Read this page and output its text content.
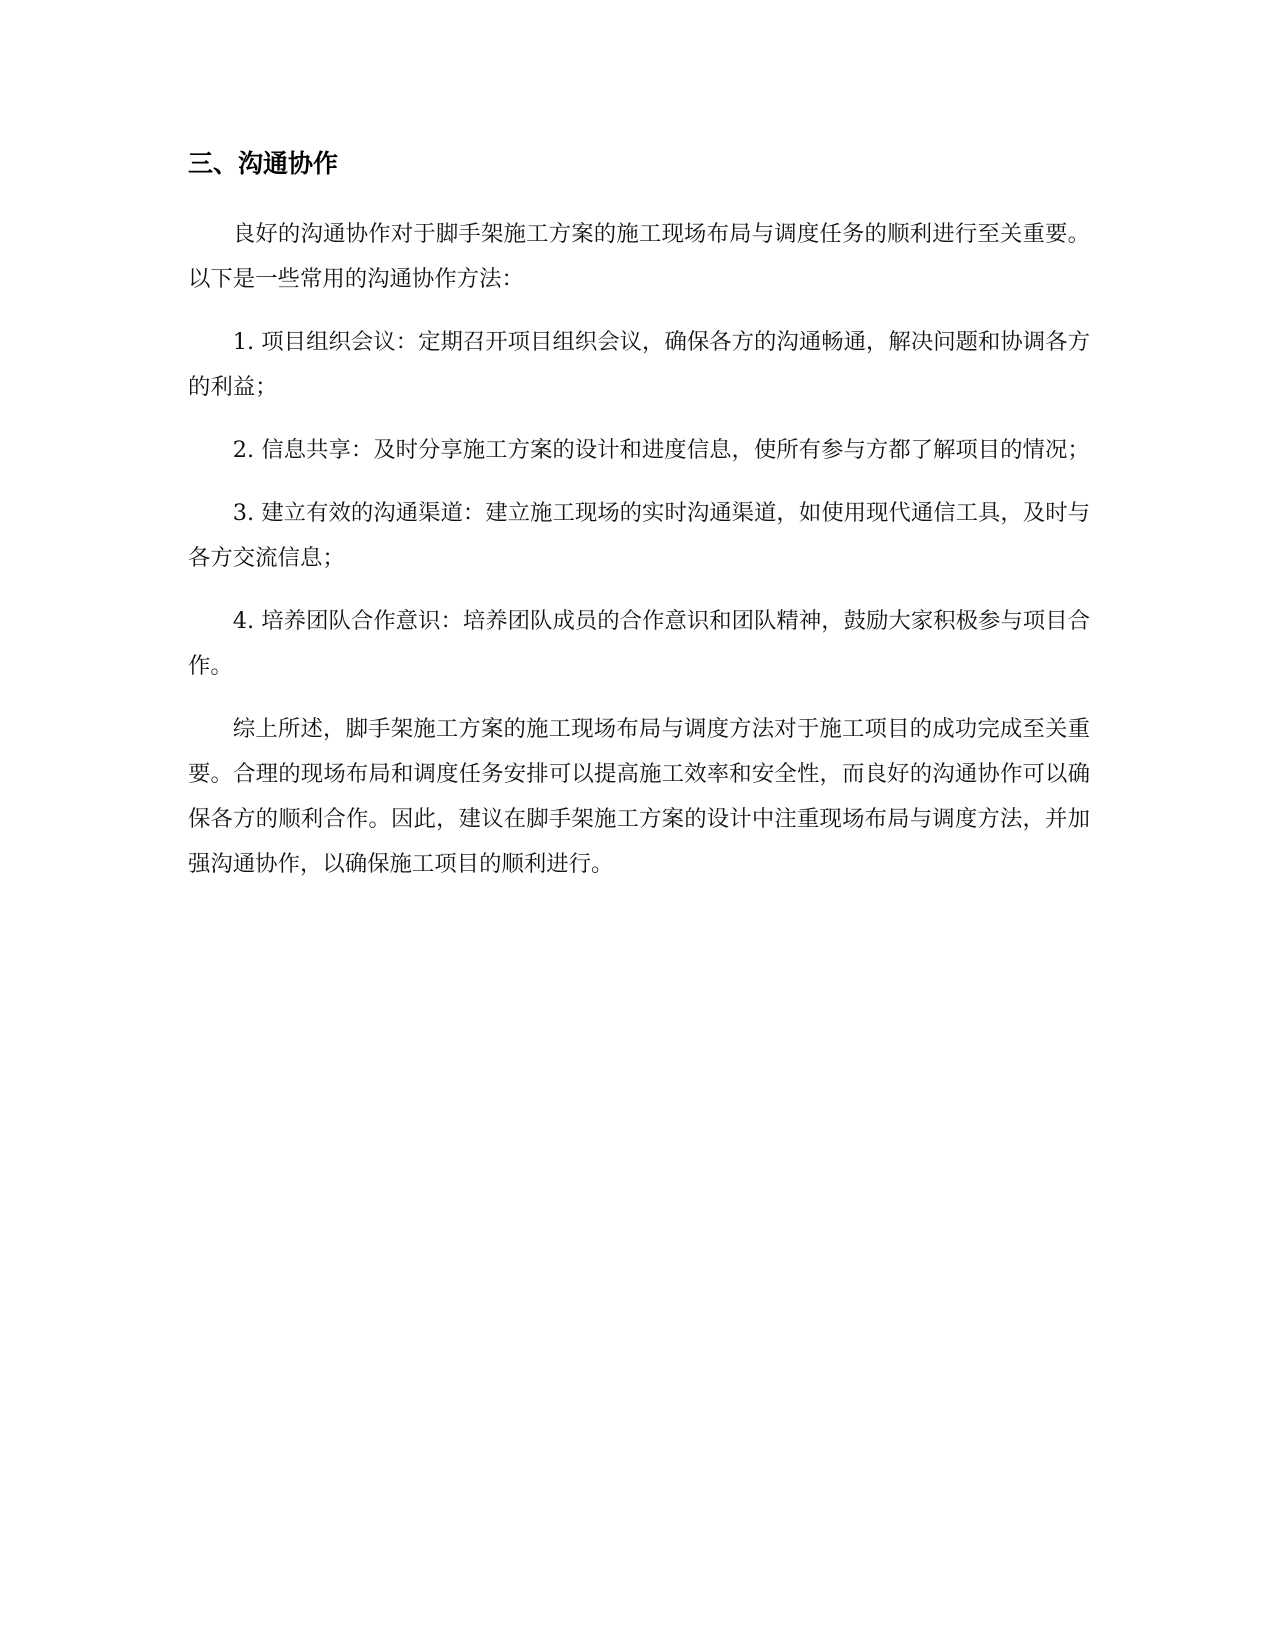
三、沟通协作

良好的沟通协作对于脚手架施工方案的施工现场布局与调度任务的顺利进行至关重要。以下是一些常用的沟通协作方法：

1. 项目组织会议：定期召开项目组织会议，确保各方的沟通畅通，解决问题和协调各方的利益；

2. 信息共享：及时分享施工方案的设计和进度信息，使所有参与方都了解项目的情况；

3. 建立有效的沟通渠道：建立施工现场的实时沟通渠道，如使用现代通信工具，及时与各方交流信息；

4. 培养团队合作意识：培养团队成员的合作意识和团队精神，鼓励大家积极参与项目合作。

综上所述，脚手架施工方案的施工现场布局与调度方法对于施工项目的成功完成至关重要。合理的现场布局和调度任务安排可以提高施工效率和安全性，而良好的沟通协作可以确保各方的顺利合作。因此，建议在脚手架施工方案的设计中注重现场布局与调度方法，并加强沟通协作，以确保施工项目的顺利进行。
